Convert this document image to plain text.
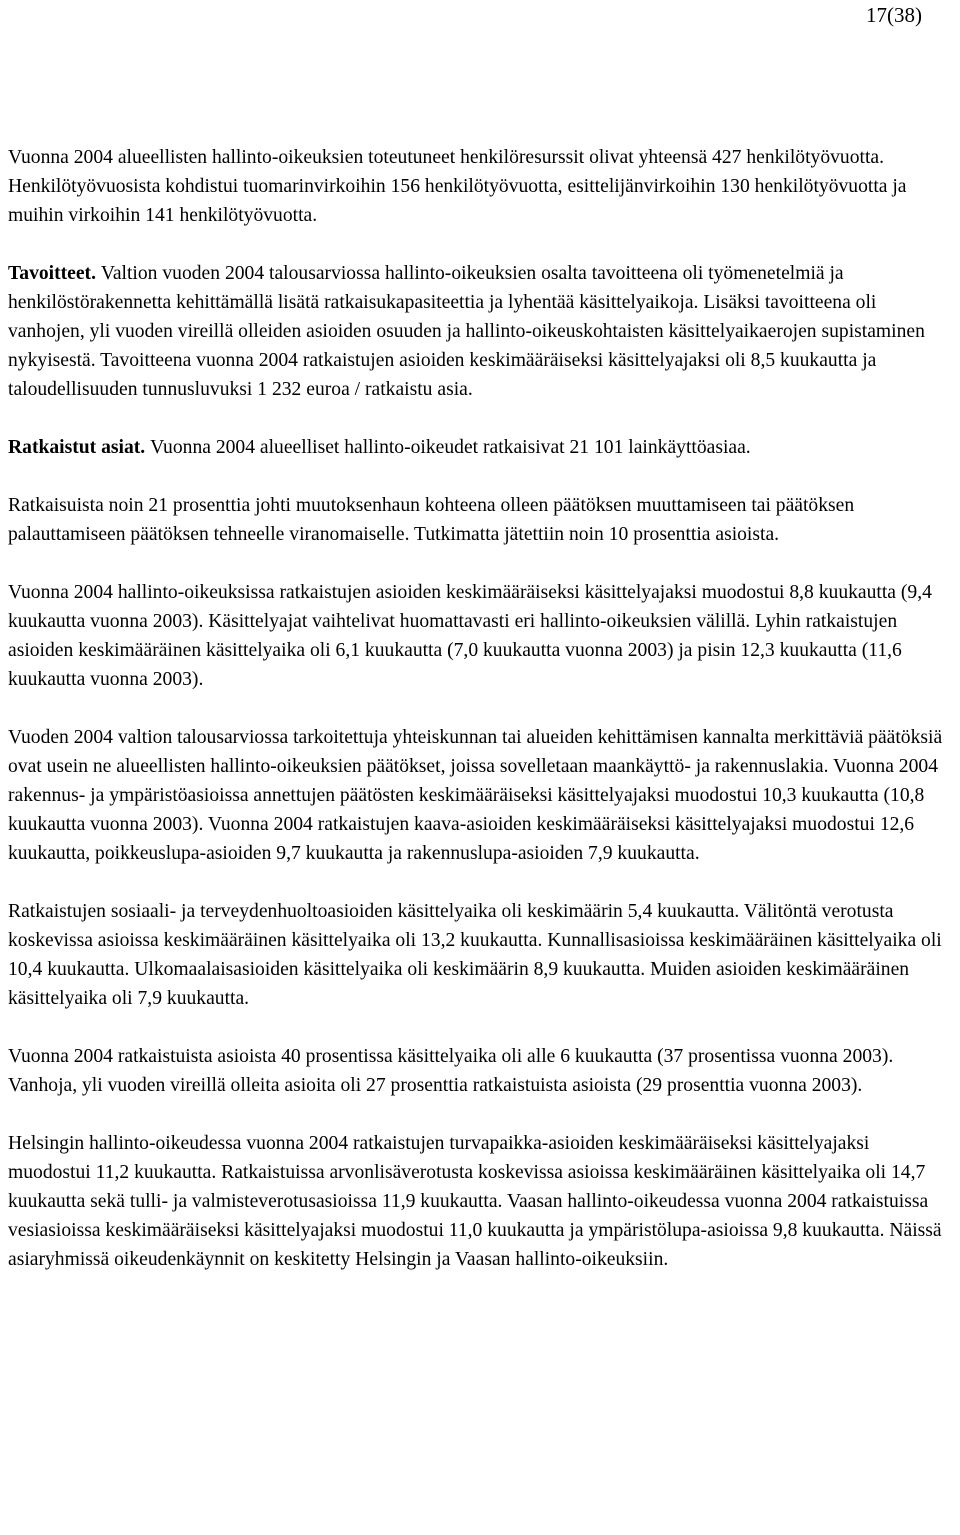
17(38)

Vuonna 2004 alueellisten hallinto-oikeuksien toteutuneet henkilöresurssit olivat yhteensä 427 henkilötyövuotta. Henkilötyövuosista kohdistui tuomarinvirkoihin 156 henkilötyövuotta, esittelijänvirkoihin 130 henkilötyövuotta ja muihin virkoihin 141 henkilötyövuotta.

Tavoitteet. Valtion vuoden 2004 talousarviossa hallinto-oikeuksien osalta tavoitteena oli työmenetelmiä ja henkilöstörakennetta kehittämällä lisätä ratkaisukapasiteettia ja lyhentää käsittelyaikoja. Lisäksi tavoitteena oli vanhojen, yli vuoden vireillä olleiden asioiden osuuden ja hallinto-oikeuskohtaisten käsittelyaikaerojen supistaminen nykyisestä. Tavoitteena vuonna 2004 ratkaistujen asioiden keskimääräiseksi käsittelyajaksi oli 8,5 kuukautta ja taloudellisuuden tunnusluvuksi 1 232 euroa / ratkaistu asia.

Ratkaistut asiat. Vuonna 2004 alueelliset hallinto-oikeudet ratkaisivat 21 101 lainkäyttöasiaa.

Ratkaisuista noin 21 prosenttia johti muutoksenhaun kohteena olleen päätöksen muuttamiseen tai päätöksen palauttamiseen päätöksen tehneelle viranomaiselle. Tutkimatta jätettiin noin 10 prosenttia asioista.

Vuonna 2004 hallinto-oikeuksissa ratkaistujen asioiden keskimääräiseksi käsittelyajaksi muodostui 8,8 kuukautta (9,4 kuukautta vuonna 2003). Käsittelyajat vaihtelivat huomattavasti eri hallinto-oikeuksien välillä. Lyhin ratkaistujen asioiden keskimääräinen käsittelyaika oli 6,1 kuukautta (7,0 kuukautta vuonna 2003) ja pisin 12,3 kuukautta (11,6 kuukautta vuonna 2003).

Vuoden 2004 valtion talousarviossa tarkoitettuja yhteiskunnan tai alueiden kehittämisen kannalta merkittäviä päätöksiä ovat usein ne alueellisten hallinto-oikeuksien päätökset, joissa sovelletaan maankäyttö- ja rakennuslakia. Vuonna 2004 rakennus- ja ympäristöasioissa annettujen päätösten keskimääräiseksi käsittelyajaksi muodostui 10,3 kuukautta (10,8 kuukautta vuonna 2003). Vuonna 2004 ratkaistujen kaava-asioiden keskimääräiseksi käsittelyajaksi muodostui 12,6 kuukautta, poikkeuslupa-asioiden 9,7 kuukautta ja rakennuslupa-asioiden 7,9 kuukautta.

Ratkaistujen sosiaali- ja terveydenhuoltoasioiden käsittelyaika oli keskimäärin 5,4 kuukautta. Välitöntä verotusta koskevissa asioissa keskimääräinen käsittelyaika oli 13,2 kuukautta. Kunnallisasioissa keskimääräinen käsittelyaika oli 10,4 kuukautta. Ulkomaalaisasioiden käsittelyaika oli keskimäärin 8,9 kuukautta. Muiden asioiden keskimääräinen käsittelyaika oli 7,9 kuukautta.

Vuonna 2004 ratkaistuista asioista 40 prosentissa käsittelyaika oli alle 6 kuukautta (37 prosentissa vuonna 2003). Vanhoja, yli vuoden vireillä olleita asioita oli 27 prosenttia ratkaistuista asioista (29 prosenttia vuonna 2003).

Helsingin hallinto-oikeudessa vuonna 2004 ratkaistujen turvapaikka-asioiden keskimääräiseksi käsittelyajaksi muodostui 11,2 kuukautta. Ratkaistuissa arvonlisäverotusta koskevissa asioissa keskimääräinen käsittelyaika oli 14,7 kuukautta sekä tulli- ja valmisteverotusasioissa 11,9 kuukautta. Vaasan hallinto-oikeudessa vuonna 2004 ratkaistuissa vesiasioissa keskimääräiseksi käsittelyajaksi muodostui 11,0 kuukautta ja ympäristölupa-asioissa 9,8 kuukautta. Näissä asiaryhmissä oikeudenkäynnit on keskitetty Helsingin ja Vaasan hallinto-oikeuksiin.
